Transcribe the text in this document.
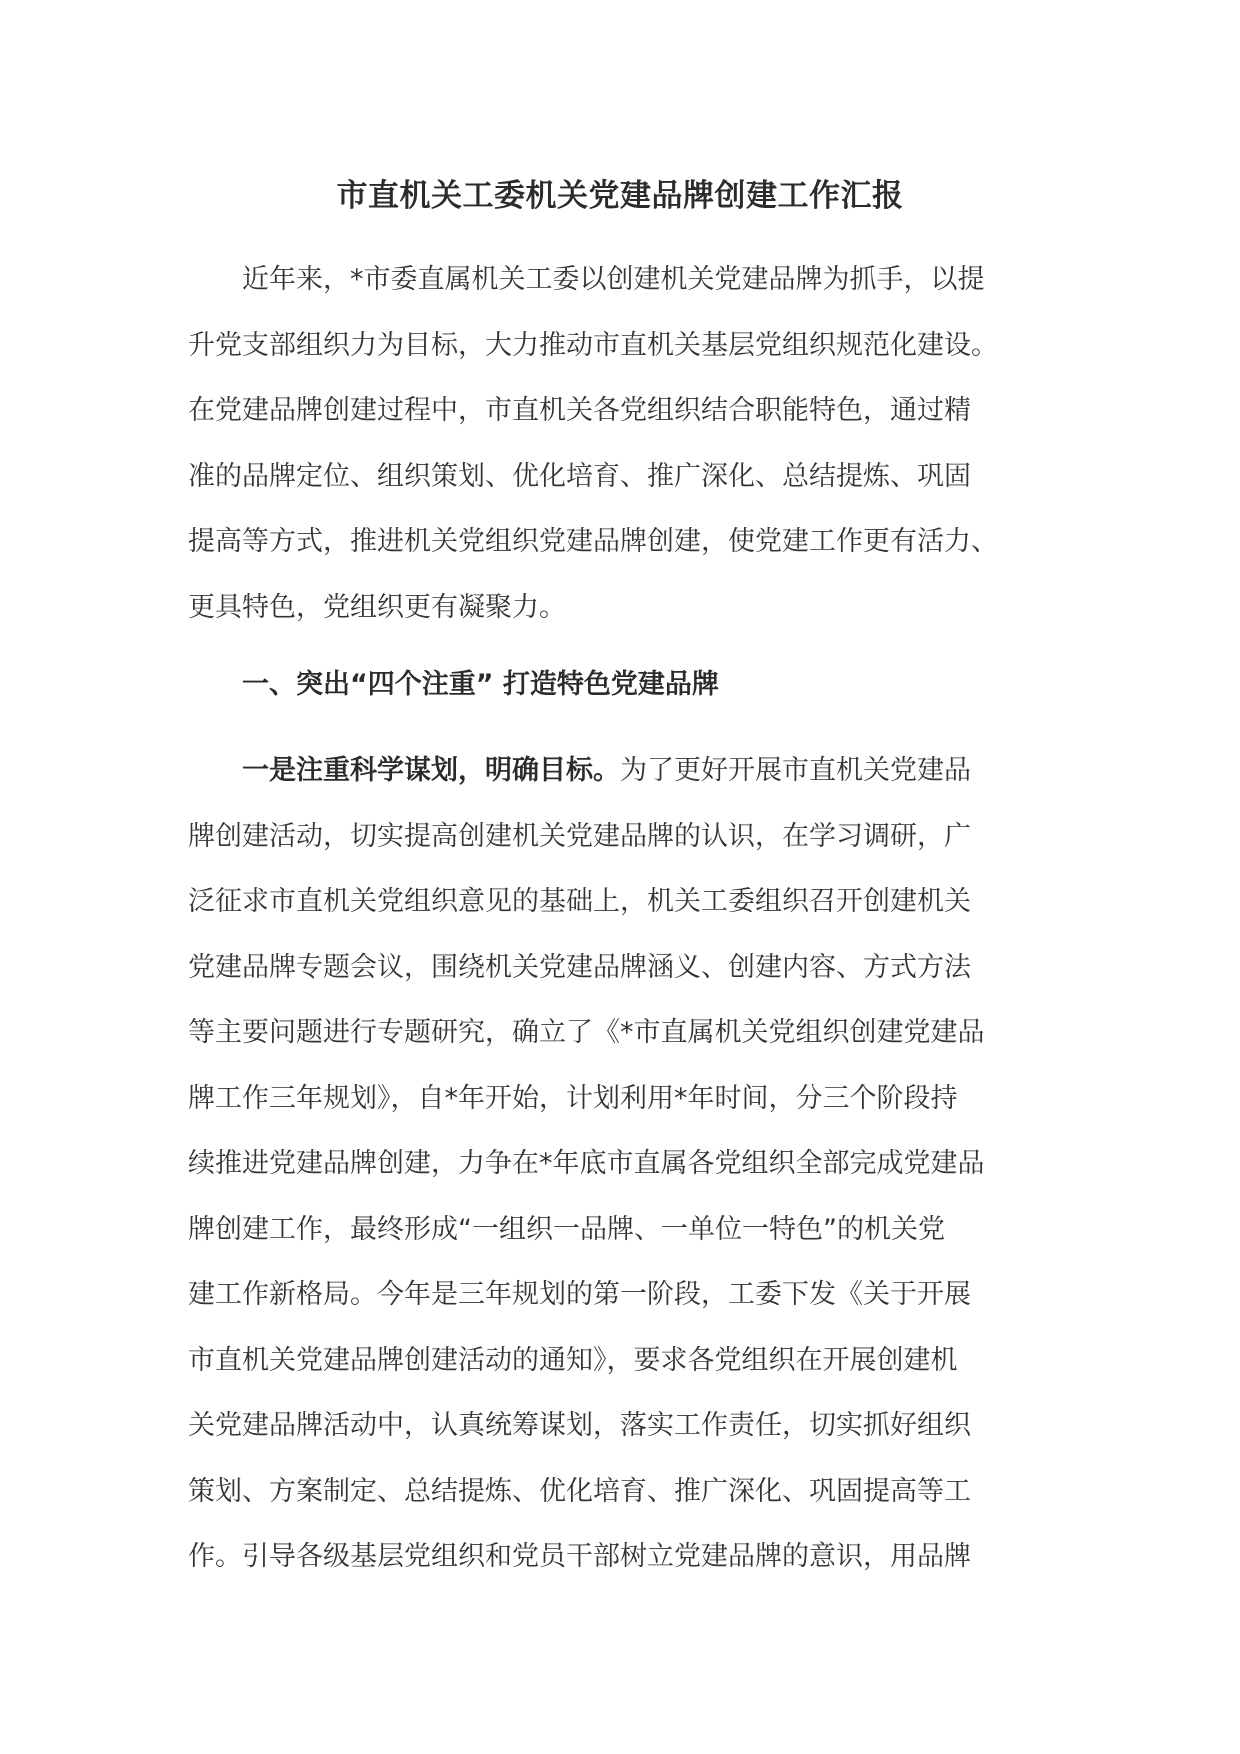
市直机关工委机关党建品牌创建工作汇报
近年来，*市委直属机关工委以创建机关党建品牌为抓手，以提
升党支部组织力为目标，大力推动市直机关基层党组织规范化建设。
在党建品牌创建过程中，市直机关各党组织结合职能特色，通过精
准的品牌定位、组织策划、优化培育、推广深化、总结提炼、巩固
提高等方式，推进机关党组织党建品牌创建，使党建工作更有活力、
更具特色，党组织更有凝聚力。
一、突出“四个注重” 打造特色党建品牌
一是注重科学谋划，明确目标。为了更好开展市直机关党建品
牌创建活动，切实提高创建机关党建品牌的认识，在学习调研，广
泛征求市直机关党组织意见的基础上，机关工委组织召开创建机关
党建品牌专题会议，围绕机关党建品牌涵义、创建内容、方式方法
等主要问题进行专题研究，确立了《*市直属机关党组织创建党建品
牌工作三年规划》，自*年开始，计划利用*年时间，分三个阶段持
续推进党建品牌创建，力争在*年底市直属各党组织全部完成党建品
牌创建工作，最终形成“一组织一品牌、一单位一特色”的机关党
建工作新格局。今年是三年规划的第一阶段，工委下发《关于开展
市直机关党建品牌创建活动的通知》，要求各党组织在开展创建机
关党建品牌活动中，认真统筹谋划，落实工作责任，切实抓好组织
策划、方案制定、总结提炼、优化培育、推广深化、巩固提高等工
作。引导各级基层党组织和党员干部树立党建品牌的意识，用品牌
